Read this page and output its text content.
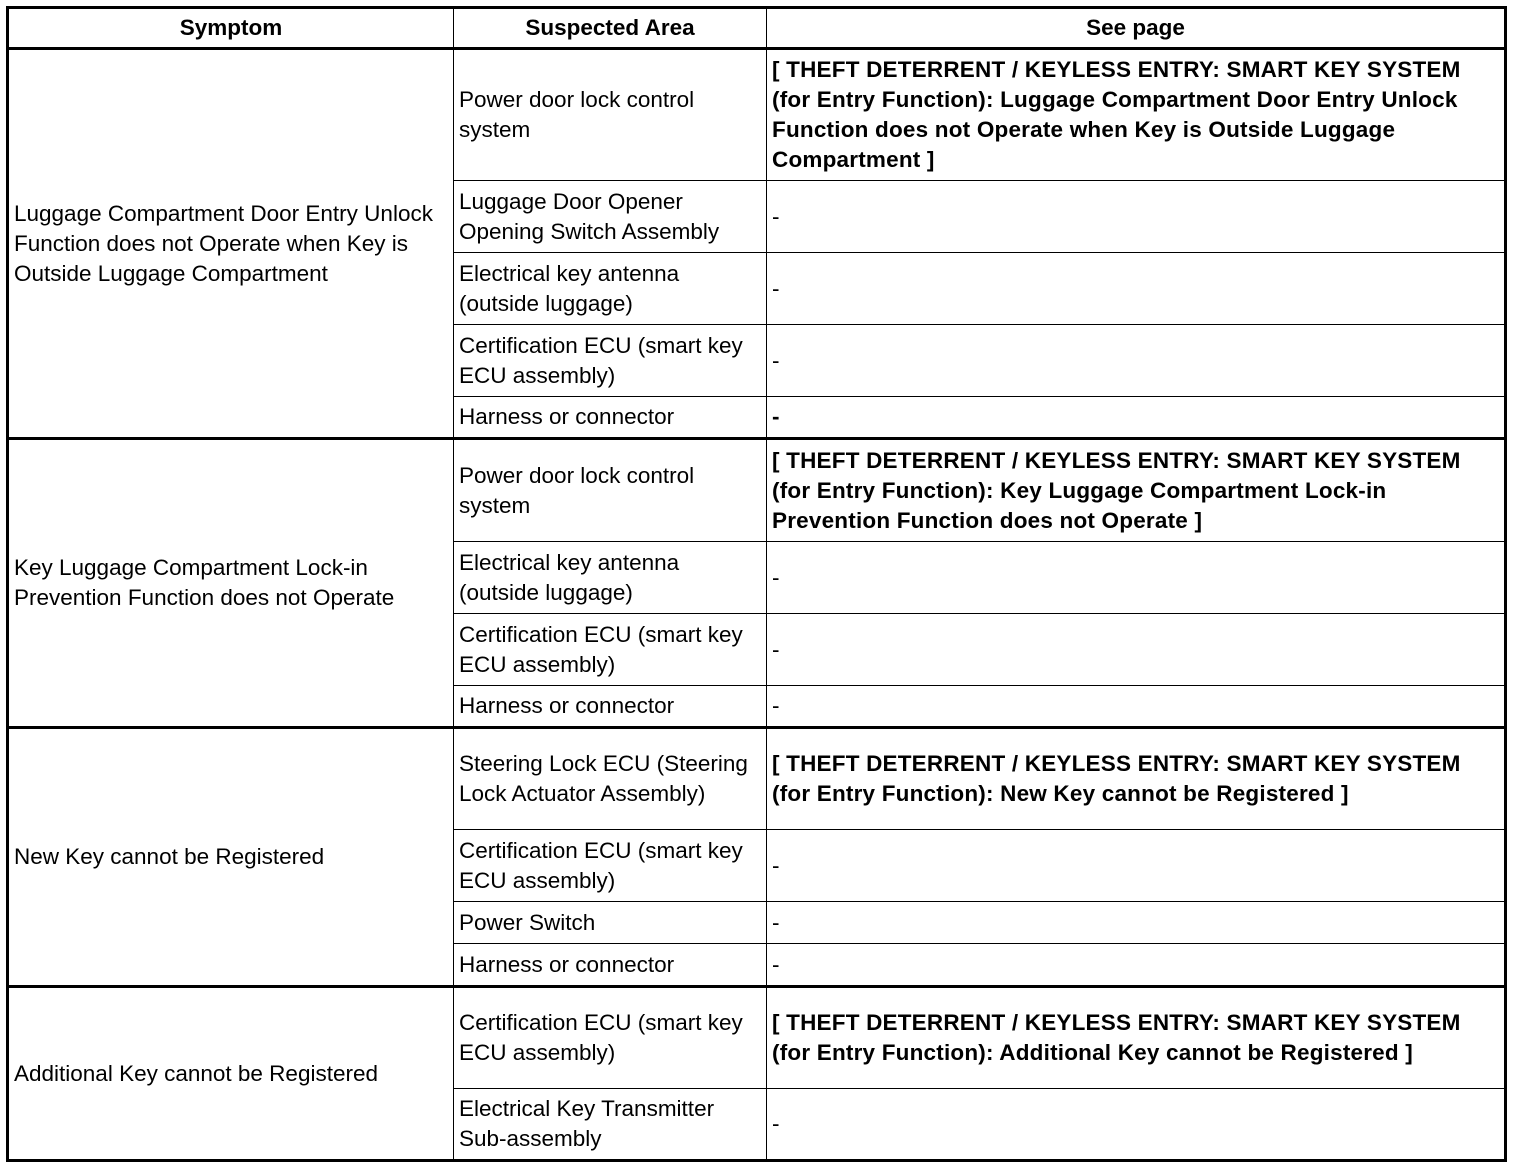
Symptom	Suspected Area	See page
Luggage Compartment Door Entry Unlock Function does not Operate when Key is Outside Luggage Compartment	Power door lock control system	[ THEFT DETERRENT / KEYLESS ENTRY: SMART KEY SYSTEM (for Entry Function): Luggage Compartment Door Entry Unlock Function does not Operate when Key is Outside Luggage Compartment ]
	Luggage Door Opener Opening Switch Assembly	-
	Electrical key antenna (outside luggage)	-
	Certification ECU (smart key ECU assembly)	-
	Harness or connector	-
Key Luggage Compartment Lock-in Prevention Function does not Operate	Power door lock control system	[ THEFT DETERRENT / KEYLESS ENTRY: SMART KEY SYSTEM (for Entry Function): Key Luggage Compartment Lock-in Prevention Function does not Operate ]
	Electrical key antenna (outside luggage)	-
	Certification ECU (smart key ECU assembly)	-
	Harness or connector	-
New Key cannot be Registered	Steering Lock ECU (Steering Lock Actuator Assembly)	[ THEFT DETERRENT / KEYLESS ENTRY: SMART KEY SYSTEM (for Entry Function): New Key cannot be Registered ]
	Certification ECU (smart key ECU assembly)	-
	Power Switch	-
	Harness or connector	-
Additional Key cannot be Registered	Certification ECU (smart key ECU assembly)	[ THEFT DETERRENT / KEYLESS ENTRY: SMART KEY SYSTEM (for Entry Function): Additional Key cannot be Registered ]
	Electrical Key Transmitter Sub-assembly	-
